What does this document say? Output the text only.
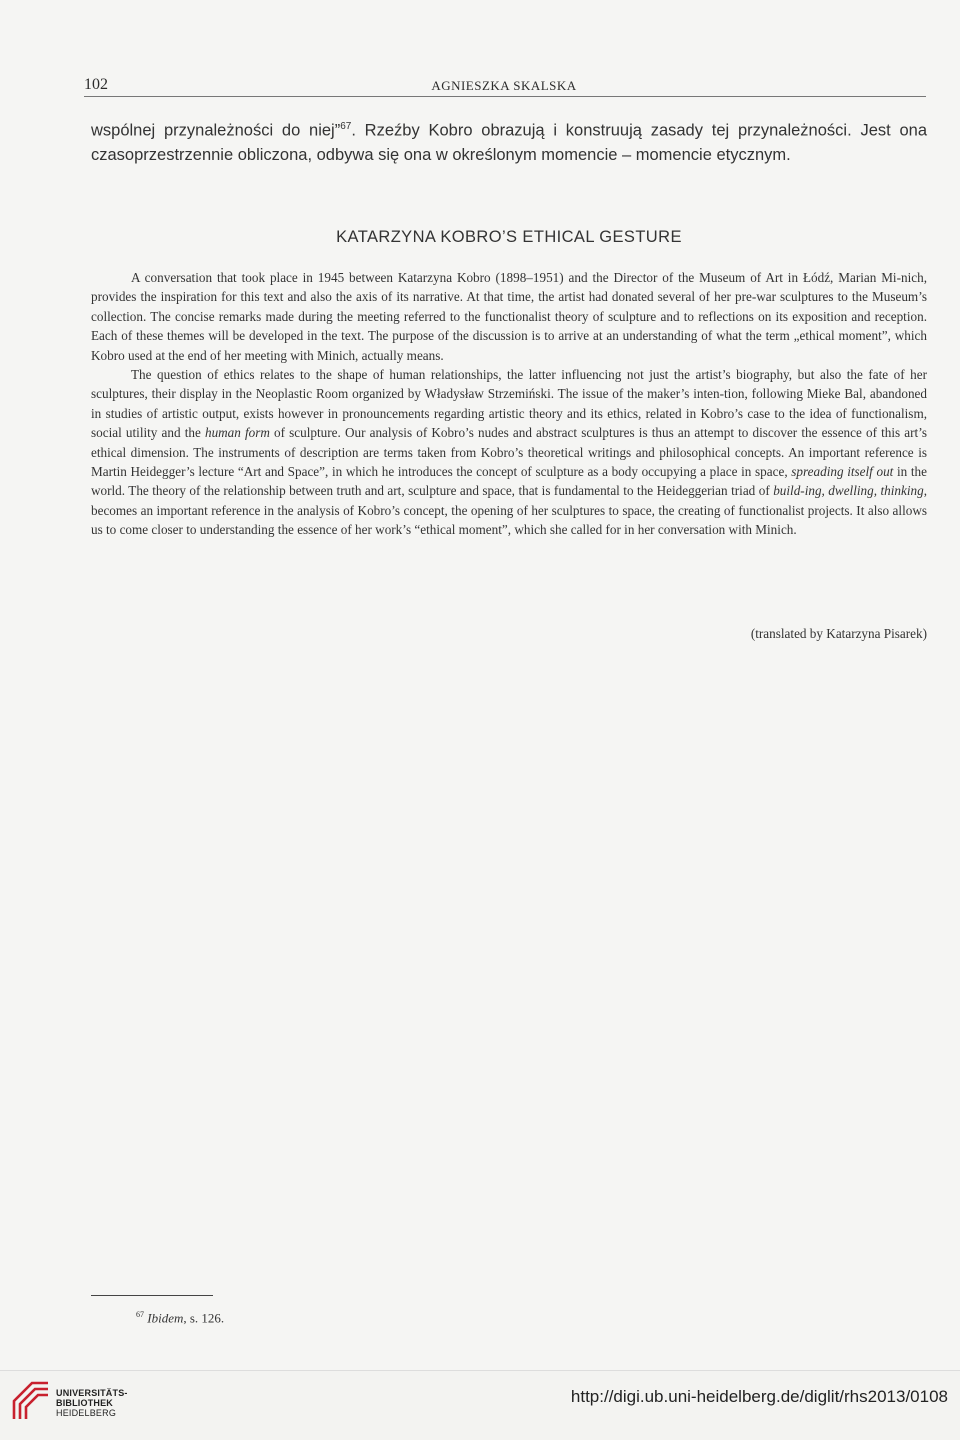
102	AGNIESZKA SKALSKA
wspólnej przynależności do niej”$^{67}$. Rzeźby Kobro obrazują i konstruują zasady tej przynależności. Jest ona czasoprzestrzennie obliczona, odbywa się ona w określonym momencie – momencie etycznym.
KATARZYNA KOBRO’S ETHICAL GESTURE

A conversation that took place in 1945 between Katarzyna Kobro (1898–1951) and the Director of the Museum of Art in Łódź, Marian Mi-nich, provides the inspiration for this text and also the axis of its narrative. At that time, the artist had donated several of her pre-war sculptures to the Museum’s collection. The concise remarks made during the meeting referred to the functionalist theory of sculpture and to reflections on its exposition and reception. Each of these themes will be developed in the text. The purpose of the discussion is to arrive at an understanding of what the term „ethical moment”, which Kobro used at the end of her meeting with Minich, actually means.

The question of ethics relates to the shape of human relationships, the latter influencing not just the artist’s biography, but also the fate of her sculptures, their display in the Neoplastic Room organized by Władysław Strzemiński. The issue of the maker’s inten-tion, following Mieke Bal, abandoned in studies of artistic output, exists however in pronouncements regarding artistic theory and its ethics, related in Kobro’s case to the idea of functionalism, social utility and the human form of sculpture. Our analysis of Kobro’s nudes and abstract sculptures is thus an attempt to discover the essence of this art’s ethical dimension. The instruments of description are terms taken from Kobro’s theoretical writings and philosophical concepts. An important reference is Martin Heidegger’s lecture “Art and Space”, in which he introduces the concept of sculpture as a body occupying a place in space, spreading itself out in the world. The theory of the relationship between truth and art, sculpture and space, that is fundamental to the Heideggerian triad of build-ing, dwelling, thinking, becomes an important reference in the analysis of Kobro’s concept, the opening of her sculptures to space, the creating of functionalist projects. It also allows us to come closer to understanding the essence of her work’s “ethical moment”, which she called for in her conversation with Minich.

(translated by Katarzyna Pisarek)
$^{67}$ Ibidem, s. 126.
UNIVERSITÄTS-
BIBLIOTHEK
HEIDELBERG
http://digi.ub.uni-heidelberg.de/diglit/rhs2013/0108
